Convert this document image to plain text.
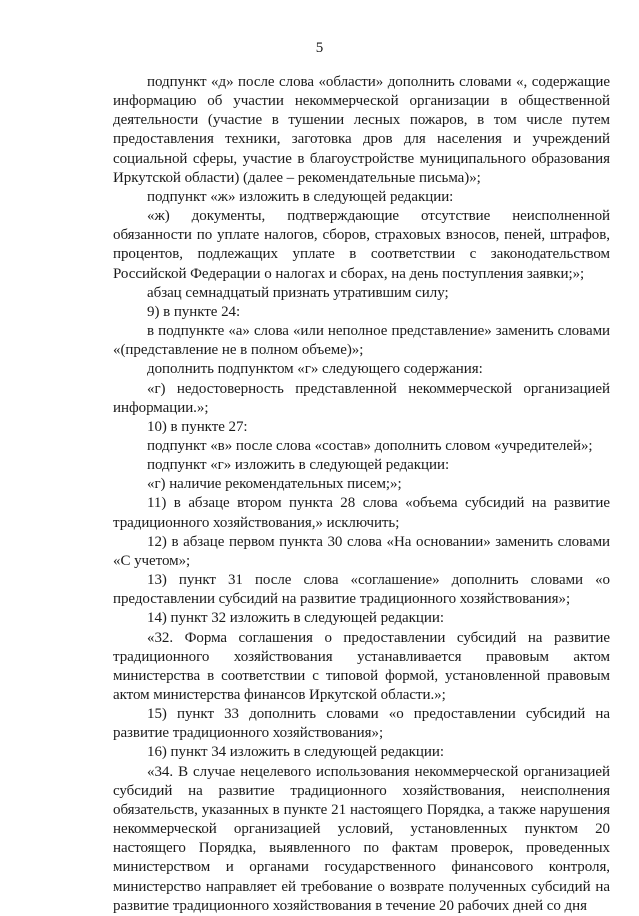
5

подпункт «д» после слова «области» дополнить словами «, содержащие информацию об участии некоммерческой организации в общественной деятельности (участие в тушении лесных пожаров, в том числе путем предоставления техники, заготовка дров для населения и учреждений социальной сферы, участие в благоустройстве муниципального образования Иркутской области) (далее – рекомендательные письма)»;

подпункт «ж» изложить в следующей редакции:

«ж) документы, подтверждающие отсутствие неисполненной обязанности по уплате налогов, сборов, страховых взносов, пеней, штрафов, процентов, подлежащих уплате в соответствии с законодательством Российской Федерации о налогах и сборах, на день поступления заявки;»;

абзац семнадцатый признать утратившим силу;

9) в пункте 24:

в подпункте «а» слова «или неполное представление» заменить словами «(представление не в полном объеме)»;

дополнить подпунктом «г» следующего содержания:

«г) недостоверность представленной некоммерческой организацией информации.»;

10) в пункте 27:

подпункт «в» после слова «состав» дополнить словом «учредителей»;

подпункт «г» изложить в следующей редакции:

«г) наличие рекомендательных писем;»;

11) в абзаце втором пункта 28 слова «объема субсидий на развитие традиционного хозяйствования,» исключить;

12) в абзаце первом пункта 30 слова «На основании» заменить словами «С учетом»;

13) пункт 31 после слова «соглашение» дополнить словами «о предоставлении субсидий на развитие традиционного хозяйствования»;

14) пункт 32 изложить в следующей редакции:

«32. Форма соглашения о предоставлении субсидий на развитие традиционного хозяйствования устанавливается правовым актом министерства в соответствии с типовой формой, установленной правовым актом министерства финансов Иркутской области.»;

15) пункт 33 дополнить словами «о предоставлении субсидий на развитие традиционного хозяйствования»;

16) пункт 34 изложить в следующей редакции:

«34. В случае нецелевого использования некоммерческой организацией субсидий на развитие традиционного хозяйствования, неисполнения обязательств, указанных в пункте 21 настоящего Порядка, а также нарушения некоммерческой организацией условий, установленных пунктом 20 настоящего Порядка, выявленного по фактам проверок, проведенных министерством и органами государственного финансового контроля, министерство направляет ей требование о возврате полученных субсидий на развитие традиционного хозяйствования в течение 20 рабочих дней со дня
